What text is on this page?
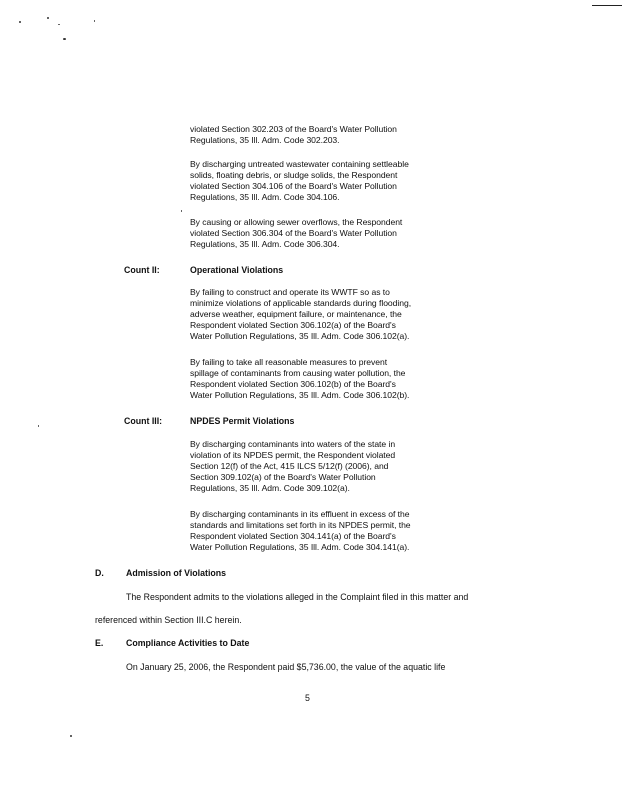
violated Section 302.203 of the Board's Water Pollution
Regulations, 35 Ill. Adm. Code 302.203.
By discharging untreated wastewater containing settleable
solids, floating debris, or sludge solids, the Respondent
violated Section 304.106 of the Board's Water Pollution
Regulations, 35 Ill. Adm. Code 304.106.
By causing or allowing sewer overflows, the Respondent
violated Section 306.304 of the Board's Water Pollution
Regulations, 35 Ill. Adm. Code 306.304.
Count II:	Operational Violations
By failing to construct and operate its WWTF so as to
minimize violations of applicable standards during flooding,
adverse weather, equipment failure, or maintenance, the
Respondent violated Section 306.102(a) of the Board's
Water Pollution Regulations, 35 Ill. Adm. Code 306.102(a).
By failing to take all reasonable measures to prevent
spillage of contaminants from causing water pollution, the
Respondent violated Section 306.102(b) of the Board's
Water Pollution Regulations, 35 Ill. Adm. Code 306.102(b).
Count III:	NPDES Permit Violations
By discharging contaminants into waters of the state in
violation of its NPDES permit, the Respondent violated
Section 12(f) of the Act, 415 ILCS 5/12(f) (2006), and
Section 309.102(a) of the Board's Water Pollution
Regulations, 35 Ill. Adm. Code 309.102(a).
By discharging contaminants in its effluent in excess of the
standards and limitations set forth in its NPDES permit, the
Respondent violated Section 304.141(a) of the Board's
Water Pollution Regulations, 35 Ill. Adm. Code 304.141(a).
D.	Admission of Violations
The Respondent admits to the violations alleged in the Complaint filed in this matter and
referenced within Section III.C herein.
E.	Compliance Activities to Date
On January 25, 2006, the Respondent paid $5,736.00, the value of the aquatic life
5
